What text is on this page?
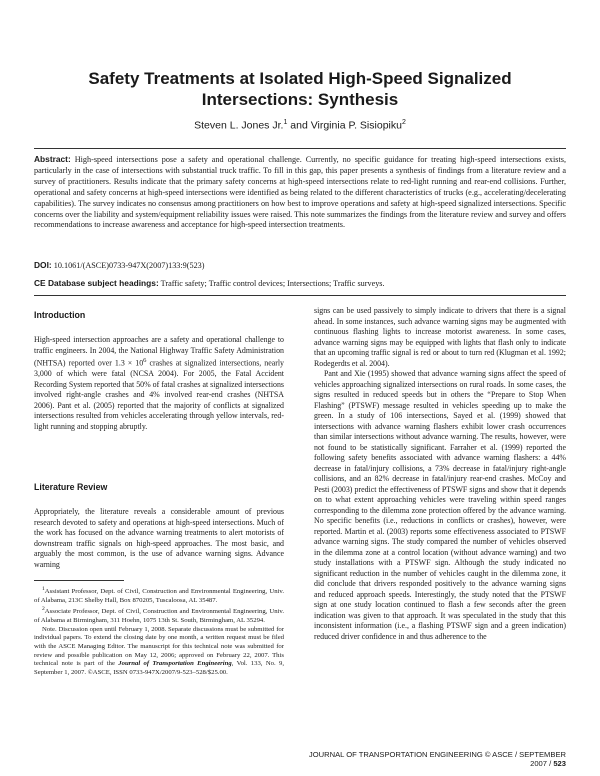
Safety Treatments at Isolated High-Speed Signalized Intersections: Synthesis

Steven L. Jones Jr.$^1$ and Virginia P. Sisiopiku$^2$

Abstract: High-speed intersections pose a safety and operational challenge. Currently, no specific guidance for treating high-speed intersections exists, particularly in the case of intersections with substantial truck traffic. To fill in this gap, this paper presents a synthesis of findings from a literature review and a survey of practitioners. Results indicate that the primary safety concerns at high-speed intersections relate to red-light running and rear-end collisions. Further, operational and safety concerns at high-speed intersections were identified as being related to the different characteristics of trucks (e.g., accelerating/decelerating capabilities). The survey indicates no consensus among practitioners on how best to improve operations and safety at high-speed signalized intersections. Specific concerns over the liability and system/equipment reliability issues were raised. This note summarizes the findings from the literature review and survey and offers recommendations to increase awareness and acceptance for high-speed intersection treatments.

DOI: 10.1061/(ASCE)0733-947X(2007)133:9(523)

CE Database subject headings: Traffic safety; Traffic control devices; Intersections; Traffic surveys.

Introduction

High-speed intersection approaches are a safety and operational challenge to traffic engineers. In 2004, the National Highway Traffic Safety Administration (NHTSA) reported over $1.3 \times 10^6$ crashes at signalized intersections, nearly 3,000 of which were fatal (NCSA 2004). For 2005, the Fatal Accident Recording System reported that 50% of fatal crashes at signalized intersections involved right-angle crashes and 4% involved rear-end crashes (NHTSA 2006). Pant et al. (2005) reported that the majority of conflicts at signalized intersections resulted from vehicles accelerating through yellow intervals, red-light running and stopping abruptly.

Literature Review

Appropriately, the literature reveals a considerable amount of previous research devoted to safety and operations at high-speed intersections. Much of the work has focused on the advance warning treatments to alert motorists of downstream traffic signals on high-speed approaches. The most basic, and arguably the most common, is the use of advance warning signs. Advance warning

$^1$Assistant Professor, Dept. of Civil, Construction and Environmental Engineering, Univ. of Alabama, 213C Shelby Hall, Box 870205, Tuscaloosa, AL 35487.

$^2$Associate Professor, Dept. of Civil, Construction and Environmental Engineering, Univ. of Alabama at Birmingham, 311 Hoehn, 1075 13th St. South, Birmingham, AL 35294.

Note. Discussion open until February 1, 2008. Separate discussions must be submitted for individual papers. To extend the closing date by one month, a written request must be filed with the ASCE Managing Editor. The manuscript for this technical note was submitted for review and possible publication on May 12, 2006; approved on February 22, 2007. This technical note is part of the Journal of Transportation Engineering, Vol. 133, No. 9, September 1, 2007. ©ASCE, ISSN 0733-947X/2007/9-523–528/$25.00.

signs can be used passively to simply indicate to drivers that there is a signal ahead. In some instances, such advance warning signs may be augmented with continuous flashing lights to increase motorist awareness. In some cases, advance warning signs may be equipped with lights that flash only to indicate that an upcoming traffic signal is red or about to turn red (Klugman et al. 1992; Rodegerdts et al. 2004).

Pant and Xie (1995) showed that advance warning signs affect the speed of vehicles approaching signalized intersections on rural roads. In some cases, the signs resulted in reduced speeds but in others the “Prepare to Stop When Flashing” (PTSWF) message resulted in vehicles speeding up to make the green. In a study of 106 intersections, Sayed et al. (1999) showed that intersections with advance warning flashers exhibit lower crash occurrences than similar intersections without advance warning. The results, however, were not found to be statistically significant. Farraher et al. (1999) reported the following safety benefits associated with advance warning flashers: a 44% decrease in fatal/injury collisions, a 73% decrease in fatal/injury right-angle collisions, and an 82% decrease in fatal/injury rear-end crashes. McCoy and Pesti (2003) predict the effectiveness of PTSWF signs and show that it depends on to what extent approaching vehicles were traveling within speed ranges corresponding to the dilemma zone protection offered by the advance warning. No specific benefits (i.e., reductions in conflicts or crashes), however, were reported. Martin et al. (2003) reports some effectiveness associated to PTSWF advance warning signs. The study compared the number of vehicles observed in the dilemma zone at a control location (without advance warning) and two study installations with a PTSWF sign. Although the study indicated no significant reduction in the number of vehicles caught in the dilemma zone, it did conclude that drivers responded positively to the advance warning signs and reduced approach speeds. Interestingly, the study noted that the PTSWF sign at one study location continued to flash a few seconds after the green indication was given to that approach. It was speculated in the study that this inconsistent information (i.e., a flashing PTSWF sign and a green indication) reduced driver confidence in and thus adherence to the

JOURNAL OF TRANSPORTATION ENGINEERING © ASCE / SEPTEMBER 2007 / 523
